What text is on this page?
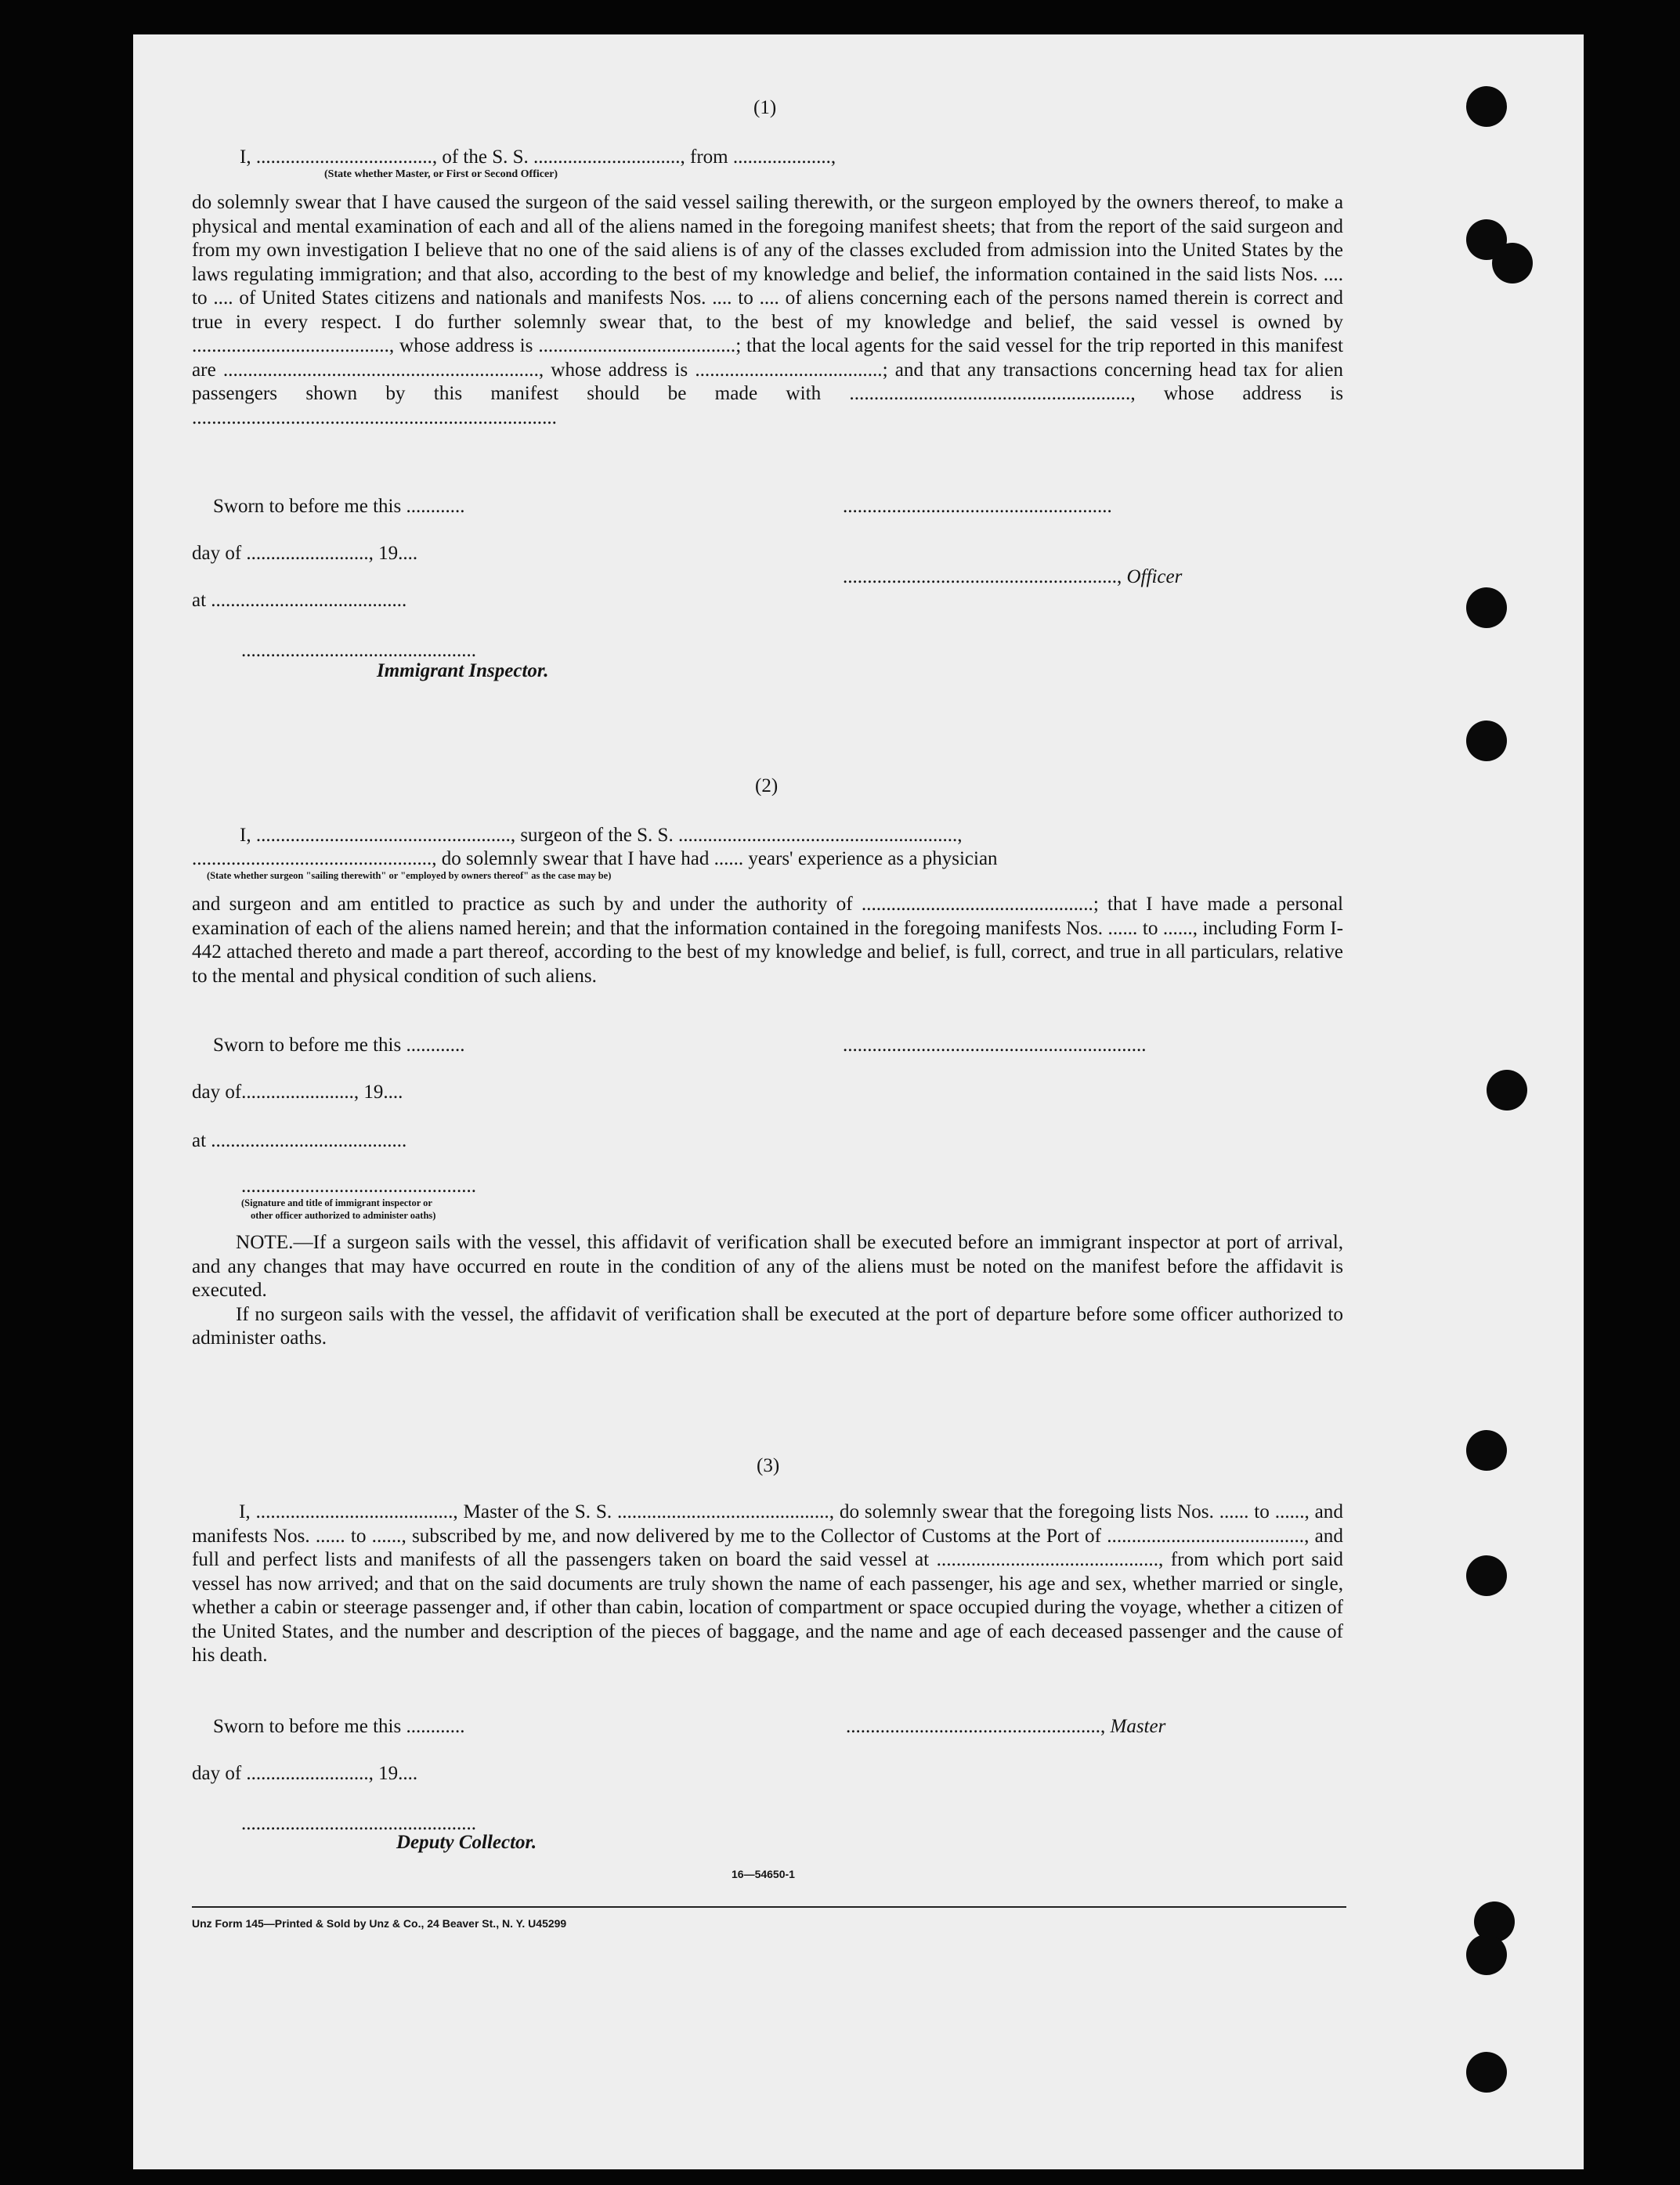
(1)
I, ...................................., of the S. S. .............................., from ....................,
(State whether Master, or First or Second Officer)
do solemnly swear that I have caused the surgeon of the said vessel sailing therewith, or the surgeon employed by the owners thereof, to make a physical and mental examination of each and all of the aliens named in the foregoing manifest sheets; that from the report of the said surgeon and from my own investigation I believe that no one of the said aliens is of any of the classes excluded from admission into the United States by the laws regulating immigration; and that also, according to the best of my knowledge and belief, the information contained in the said lists Nos. .... to .... of United States citizens and nationals and manifests Nos. .... to .... of aliens concerning each of the persons named therein is correct and true in every respect. I do further solemnly swear that, to the best of my knowledge and belief, the said vessel is owned by ........................................, whose address is ........................................; that the local agents for the said vessel for the trip reported in this manifest are ................................................................, whose address is ......................................; and that any transactions concerning head tax for alien passengers shown by this manifest should be made with ........................................................., whose address is ..........................................................................
Sworn to before me this ............	.......................................................
day of ........................., 19....
........................................................, Officer
at ........................................
................................................
Immigrant Inspector.
(2)
I, ...................................................., surgeon of the S. S. .........................................................,
................................................., do solemnly swear that I have had ...... years' experience as a physician
(State whether surgeon "sailing therewith" or "employed by owners thereof" as the case may be)
and surgeon and am entitled to practice as such by and under the authority of ...............................................; that I have made a personal examination of each of the aliens named herein; and that the information contained in the foregoing manifests Nos. ...... to ......, including Form I-442 attached thereto and made a part thereof, according to the best of my knowledge and belief, is full, correct, and true in all particulars, relative to the mental and physical condition of such aliens.
Sworn to before me this ............	..............................................................
day of......................., 19....
at ........................................
................................................
(Signature and title of immigrant inspector or
other officer authorized to administer oaths)

NOTE.—If a surgeon sails with the vessel, this affidavit of verification shall be executed before an immigrant inspector at port of arrival, and any changes that may have occurred en route in the condition of any of the aliens must be noted on the manifest before the affidavit is executed.

If no surgeon sails with the vessel, the affidavit of verification shall be executed at the port of departure before some officer authorized to administer oaths.

(3)
I, ........................................, Master of the S. S. ..........................................., do solemnly swear that the foregoing lists Nos. ...... to ......, and manifests Nos. ...... to ......, subscribed by me, and now delivered by me to the Collector of Customs at the Port of ........................................, and full and perfect lists and manifests of all the passengers taken on board the said vessel at ............................................., from which port said vessel has now arrived; and that on the said documents are truly shown the name of each passenger, his age and sex, whether married or single, whether a cabin or steerage passenger and, if other than cabin, location of compartment or space occupied during the voyage, whether a citizen of the United States, and the number and description of the pieces of baggage, and the name and age of each deceased passenger and the cause of his death.
Sworn to before me this ............	...................................................., Master
day of ........................., 19....
................................................
Deputy Collector.
16—54650-1
Unz Form 145—Printed & Sold by Unz & Co., 24 Beaver St., N. Y. U45299
